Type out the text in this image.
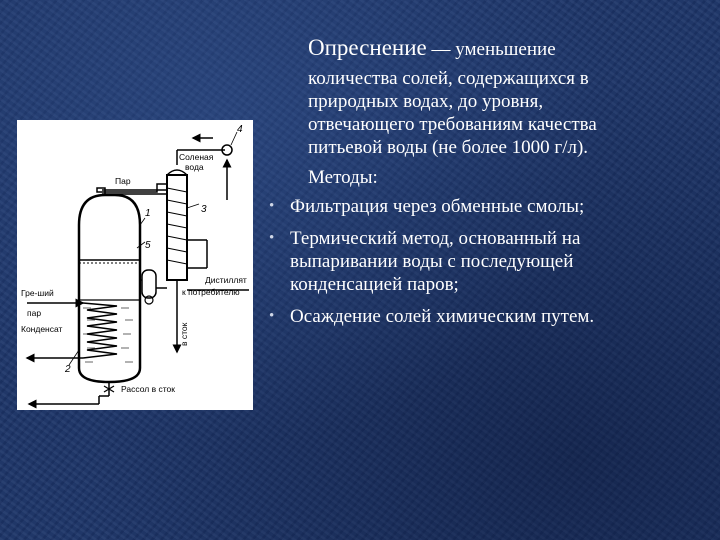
Пар
Соленая
вода
Гре-ший
пар
Конденсат
Дистиллят
к потребителю
в сток
Рассол в сток
1
2
3
4
5
Опреснение — уменьшение
количества солей, содержащихся в
природных водах, до уровня,
отвечающего требованиям качества
питьевой воды (не более 1000 г/л).
Методы:
• Фильтрация через обменные смолы;
• Термический метод, основанный на
выпаривании воды с последующей
конденсацией паров;
• Осаждение солей химическим путем.
